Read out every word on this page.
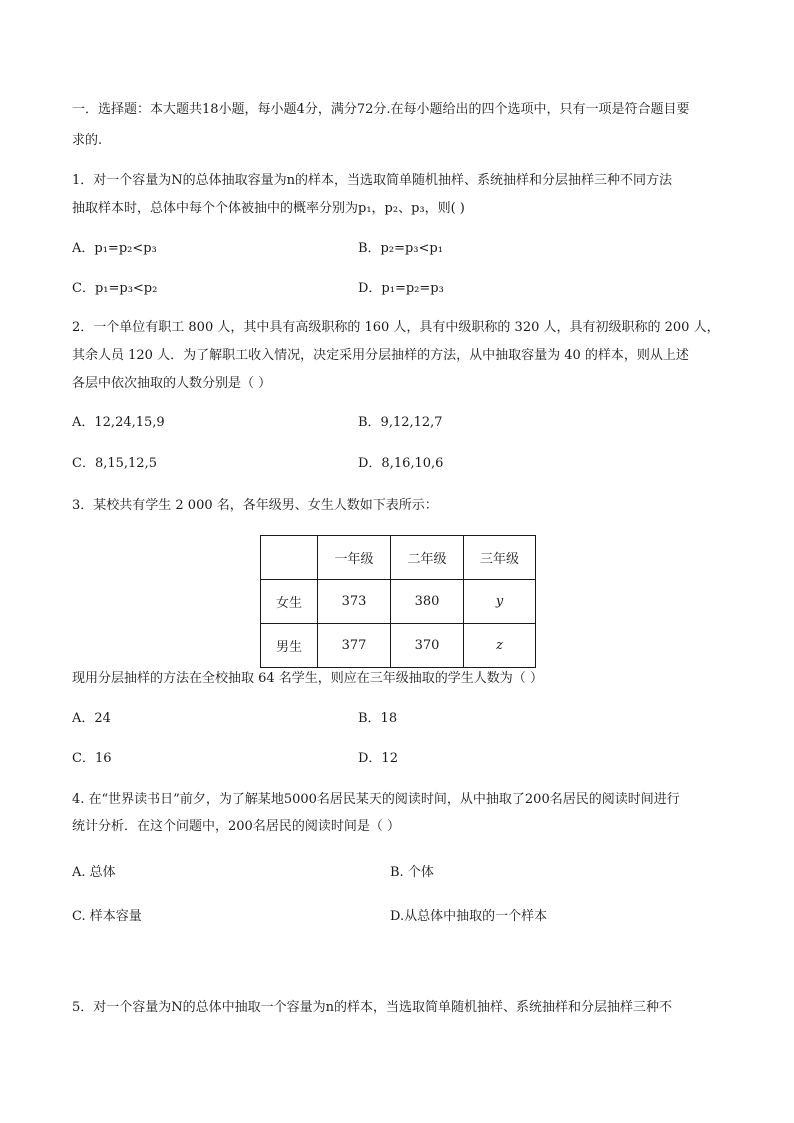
一．选择题：本大题共18小题，每小题4分，满分72分.在每小题给出的四个选项中，只有一项是符合题目要
求的.
1．对一个容量为N的总体抽取容量为n的样本，当选取简单随机抽样、系统抽样和分层抽样三种不同方法
抽取样本时，总体中每个个体被抽中的概率分别为p₁，p₂、p₃，则( )
A．p₁=p₂<p₃	B．p₂=p₃<p₁
C．p₁=p₃<p₂	D．p₁=p₂=p₃
2．一个单位有职工 800 人，其中具有高级职称的 160 人，具有中级职称的 320 人，具有初级职称的 200 人，
其余人员 120 人．为了解职工收入情况，决定采用分层抽样的方法，从中抽取容量为 40 的样本，则从上述
各层中依次抽取的人数分别是（ ）
A．12,24,15,9	B．9,12,12,7
C．8,15,12,5	D．8,16,10,6
3．某校共有学生 2 000 名，各年级男、女生人数如下表所示：
	一年级	二年级	三年级
女生	373	380	y
男生	377	370	z
现用分层抽样的方法在全校抽取 64 名学生，则应在三年级抽取的学生人数为（ ）
A．24	B．18
C．16	D．12
4. 在“世界读书日”前夕，为了解某地5000名居民某天的阅读时间，从中抽取了200名居民的阅读时间进行
统计分析．在这个问题中，200名居民的阅读时间是（ ）
A. 总体	B. 个体
C. 样本容量	D.从总体中抽取的一个样本
5．对一个容量为N的总体中抽取一个容量为n的样本，当选取简单随机抽样、系统抽样和分层抽样三种不
